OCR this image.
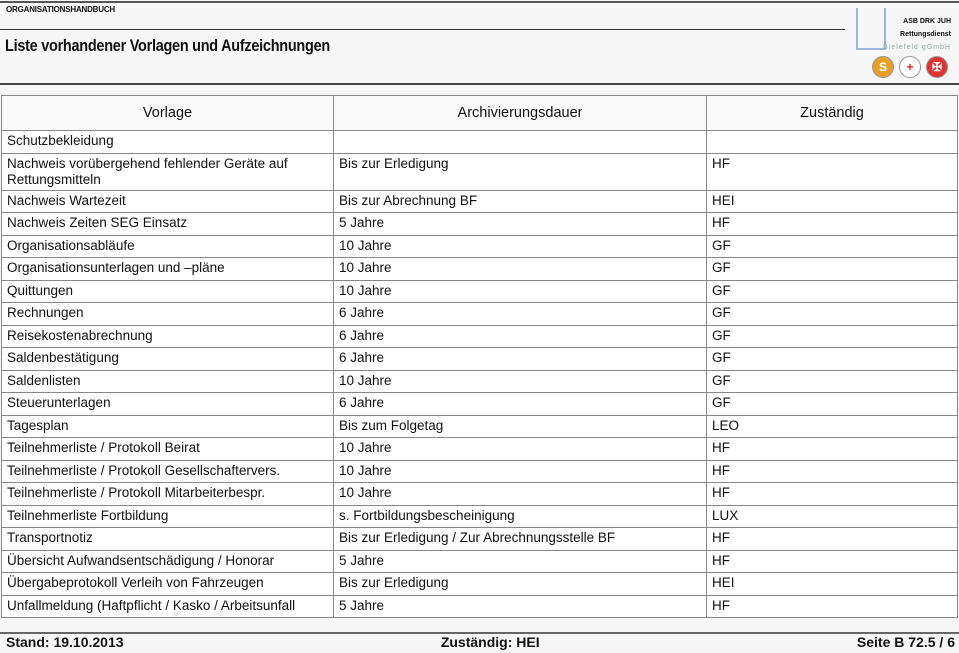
ORGANISATIONSHANDBUCH
Liste vorhandener Vorlagen und Aufzeichnungen
ASB DRK JUH
Rettungsdienst
Bielefeld gGmbH
S	+	✠
Vorlage	Archivierungsdauer	Zuständig
Schutzbekleidung		
Nachweis vorübergehend fehlender Geräte auf Rettungsmitteln	Bis zur Erledigung	HF
Nachweis Wartezeit	Bis zur Abrechnung BF	HEI
Nachweis Zeiten SEG Einsatz	5 Jahre	HF
Organisationsabläufe	10 Jahre	GF
Organisationsunterlagen und –pläne	10 Jahre	GF
Quittungen	10 Jahre	GF
Rechnungen	6 Jahre	GF
Reisekostenabrechnung	6 Jahre	GF
Saldenbestätigung	6 Jahre	GF
Saldenlisten	10 Jahre	GF
Steuerunterlagen	6 Jahre	GF
Tagesplan	Bis zum Folgetag	LEO
Teilnehmerliste / Protokoll Beirat	10 Jahre	HF
Teilnehmerliste / Protokoll Gesellschaftervers.	10 Jahre	HF
Teilnehmerliste / Protokoll Mitarbeiterbespr.	10 Jahre	HF
Teilnehmerliste Fortbildung	s. Fortbildungsbescheinigung	LUX
Transportnotiz	Bis zur Erledigung / Zur Abrechnungsstelle BF	HF
Übersicht Aufwandsentschädigung / Honorar	5 Jahre	HF
Übergabeprotokoll Verleih von Fahrzeugen	Bis zur Erledigung	HEI
Unfallmeldung (Haftpflicht / Kasko / Arbeitsunfall	5 Jahre	HF
Stand: 19.10.2013	Zuständig: HEI	Seite B 72.5 / 6
